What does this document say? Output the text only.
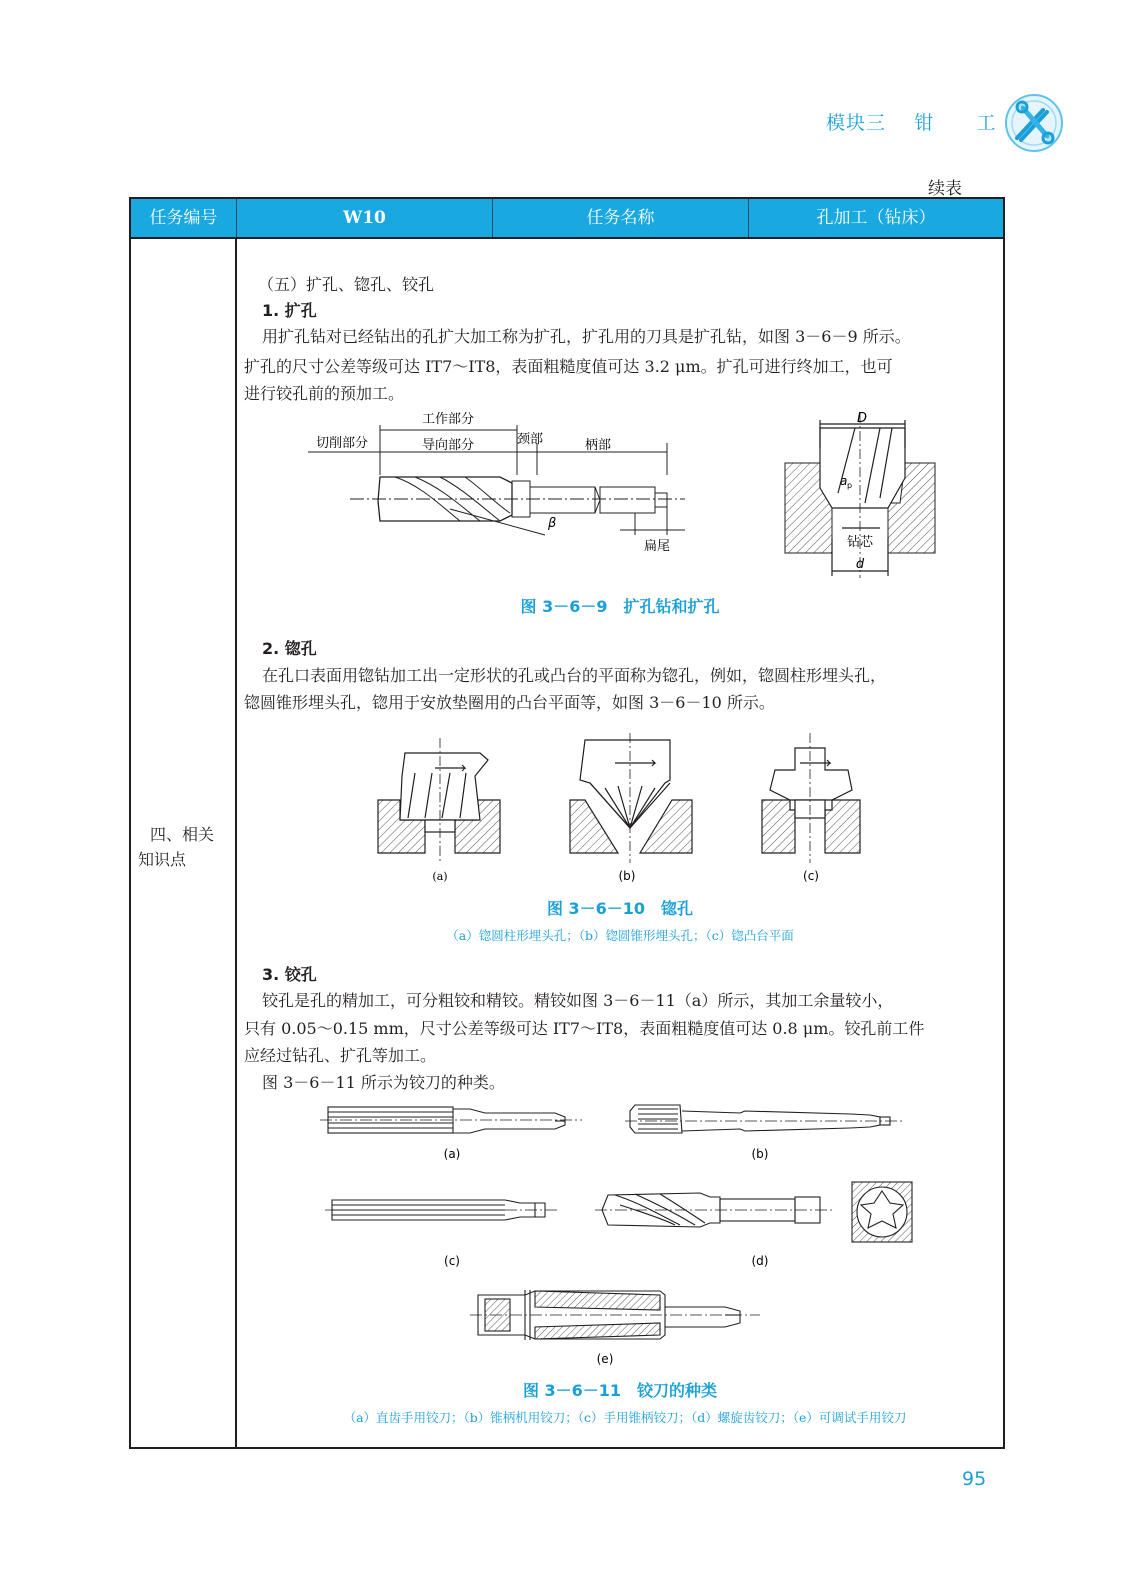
模块三 钳 工
续表
任务编号	W10	任务名称	孔加工（钻床）
四、相关
知识点
（五）扩孔、锪孔、铰孔
1. 扩孔
用扩孔钻对已经钻出的孔扩大加工称为扩孔，扩孔用的刀具是扩孔钻，如图 3－6－9 所示。
扩孔的尺寸公差等级可达 IT7～IT8，表面粗糙度值可达 3.2 μm。扩孔可进行终加工，也可
进行铰孔前的预加工。
工作部分
切削部分	导向部分	颈部	柄部
β
扁尾
D
a p
钻芯
d
图 3－6－9　扩孔钻和扩孔
2. 锪孔
在孔口表面用锪钻加工出一定形状的孔或凸台的平面称为锪孔，例如，锪圆柱形埋头孔，
锪圆锥形埋头孔，锪用于安放垫圈用的凸台平面等，如图 3－6－10 所示。
(a)	(b)	(c)
图 3－6－10　锪孔
（a）锪圆柱形埋头孔；（b）锪圆锥形埋头孔；（c）锪凸台平面
3. 铰孔
铰孔是孔的精加工，可分粗铰和精铰。精铰如图 3－6－11（a）所示，其加工余量较小，
只有 0.05～0.15 mm，尺寸公差等级可达 IT7～IT8，表面粗糙度值可达 0.8 μm。铰孔前工件
应经过钻孔、扩孔等加工。
图 3－6－11 所示为铰刀的种类。
(a)	(b)
(c)	(d)
(e)
图 3－6－11　铰刀的种类
（a）直齿手用铰刀；（b）锥柄机用铰刀；（c）手用锥柄铰刀；（d）螺旋齿铰刀；（e）可调试手用铰刀
95
